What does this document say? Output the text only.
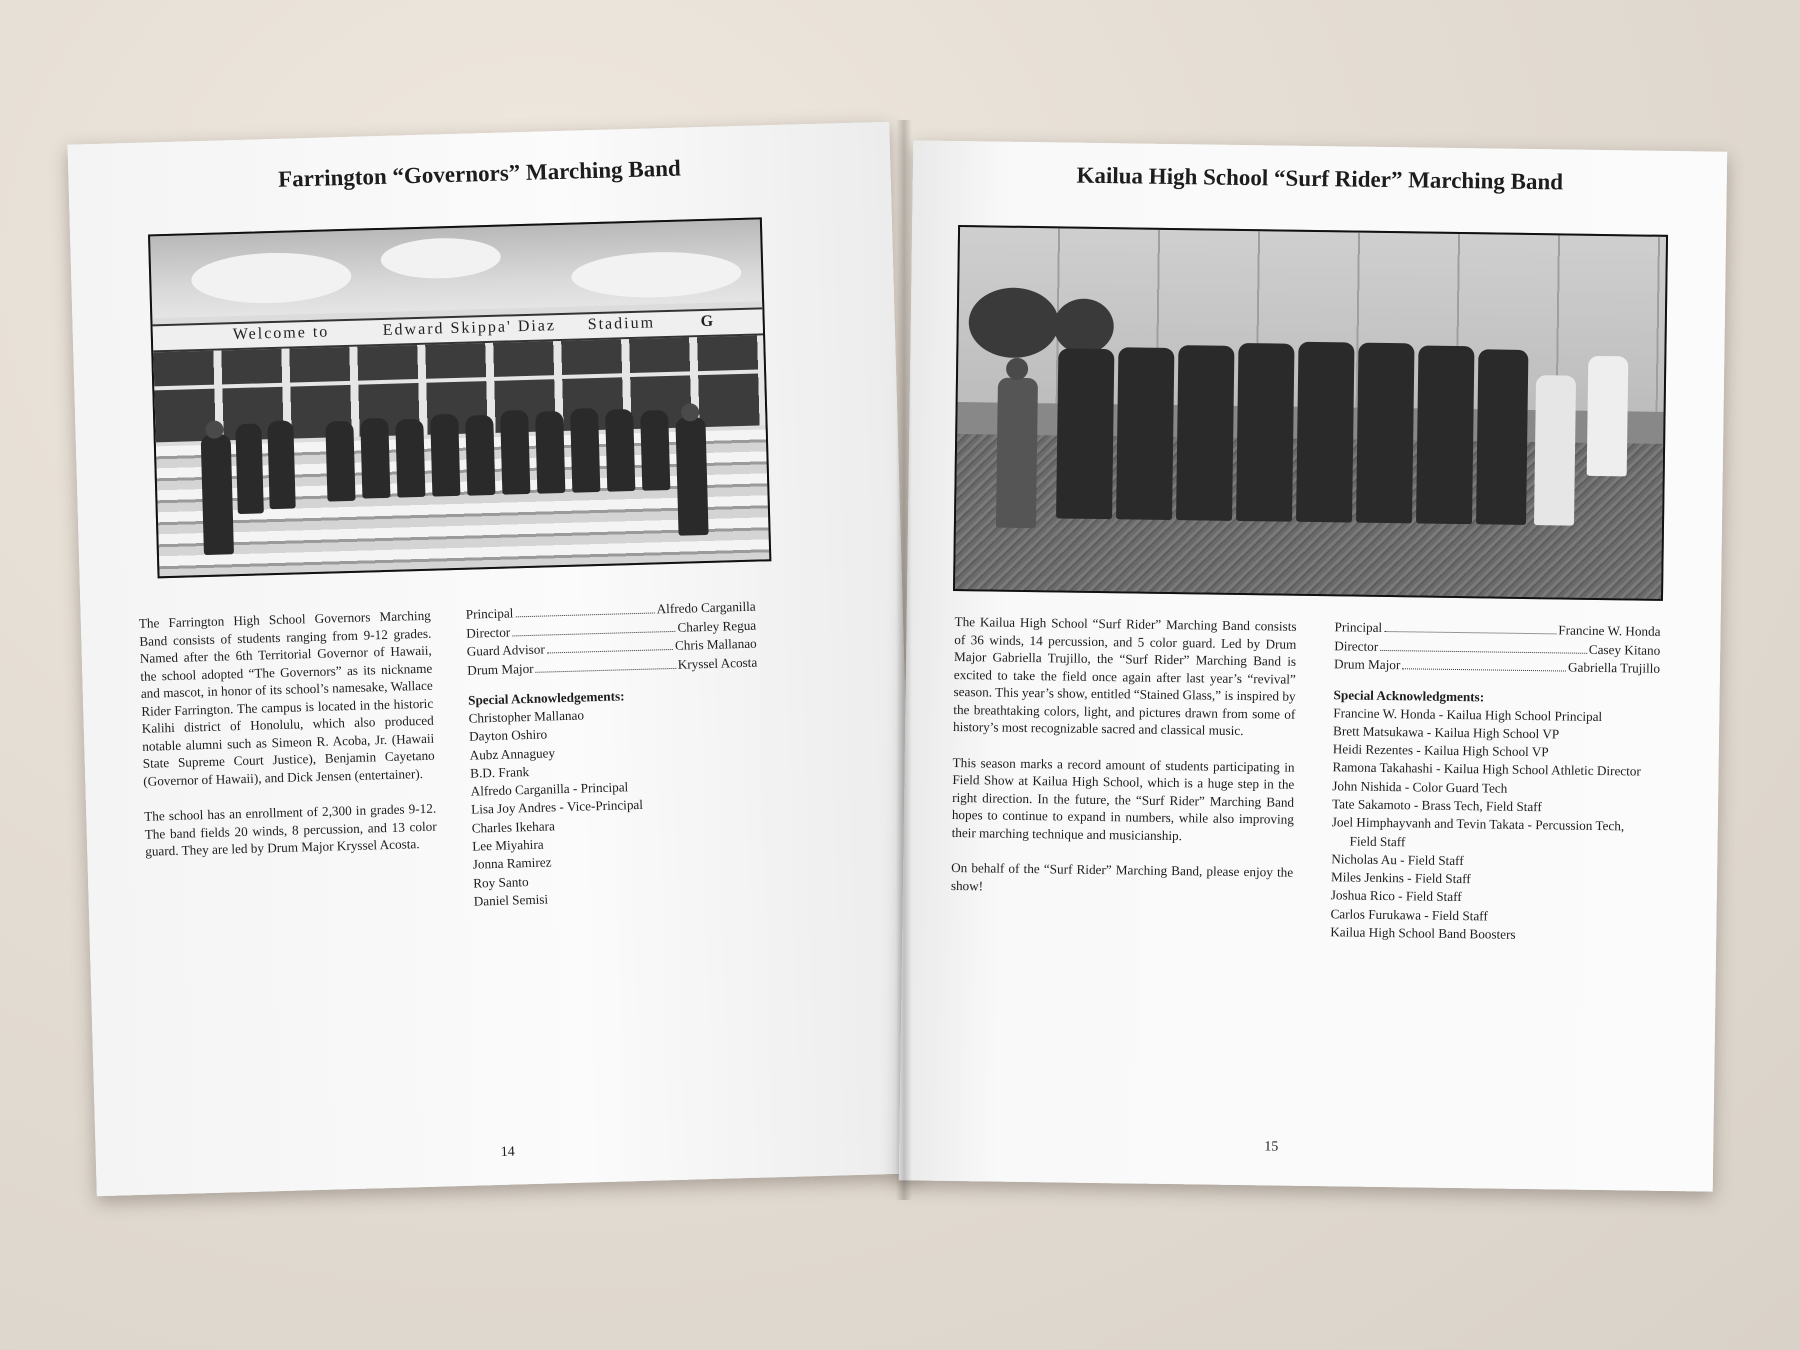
Farrington “Governors” Marching Band
Welcome to	Edward Skippa' Diaz Stadium	G

The Farrington High School Governors Marching Band consists of students ranging from 9-12 grades. Named after the 6th Territorial Governor of Hawaii, the school adopted “The Governors” as its nickname and mascot, in honor of its school’s namesake, Wallace Rider Farrington. The campus is located in the historic Kalihi district of Honolulu, which also produced notable alumni such as Simeon R. Acoba, Jr. (Hawaii State Supreme Court Justice), Benjamin Cayetano (Governor of Hawaii), and Dick Jensen (entertainer).

The school has an enrollment of 2,300 in grades 9-12. The band fields 20 winds, 8 percussion, and 13 color guard. They are led by Drum Major Kryssel Acosta.

Principal	Alfredo Carganilla
Director	Charley Regua
Guard Advisor	Chris Mallanao
Drum Major	Kryssel Acosta
Special Acknowledgements:
Christopher Mallanao
Dayton Oshiro
Aubz Annaguey
B.D. Frank
Alfredo Carganilla - Principal
Lisa Joy Andres - Vice-Principal
Charles Ikehara
Lee Miyahira
Jonna Ramirez
Roy Santo
Daniel Semisi
14
Kailua High School “Surf Rider” Marching Band

The Kailua High School “Surf Rider” Marching Band consists of 36 winds, 14 percussion, and 5 color guard. Led by Drum Major Gabriella Trujillo, the “Surf Rider” Marching Band is excited to take the field once again after last year’s “revival” season. This year’s show, entitled “Stained Glass,” is inspired by the breathtaking colors, light, and pictures drawn from some of history’s most recognizable sacred and classical music.

This season marks a record amount of students participating in Field Show at Kailua High School, which is a huge step in the right direction. In the future, the “Surf Rider” Marching Band hopes to continue to expand in numbers, while also improving their marching technique and musicianship.

On behalf of the “Surf Rider” Marching Band, please enjoy the show!

Principal	Francine W. Honda
Director	Casey Kitano
Drum Major	Gabriella Trujillo
Special Acknowledgments:
Francine W. Honda - Kailua High School Principal
Brett Matsukawa - Kailua High School VP
Heidi Rezentes - Kailua High School VP
Ramona Takahashi - Kailua High School Athletic Director
John Nishida - Color Guard Tech
Tate Sakamoto - Brass Tech, Field Staff
Joel Himphayvanh and Tevin Takata - Percussion Tech,
Field Staff
Nicholas Au - Field Staff
Miles Jenkins - Field Staff
Joshua Rico - Field Staff
Carlos Furukawa - Field Staff
Kailua High School Band Boosters
15
